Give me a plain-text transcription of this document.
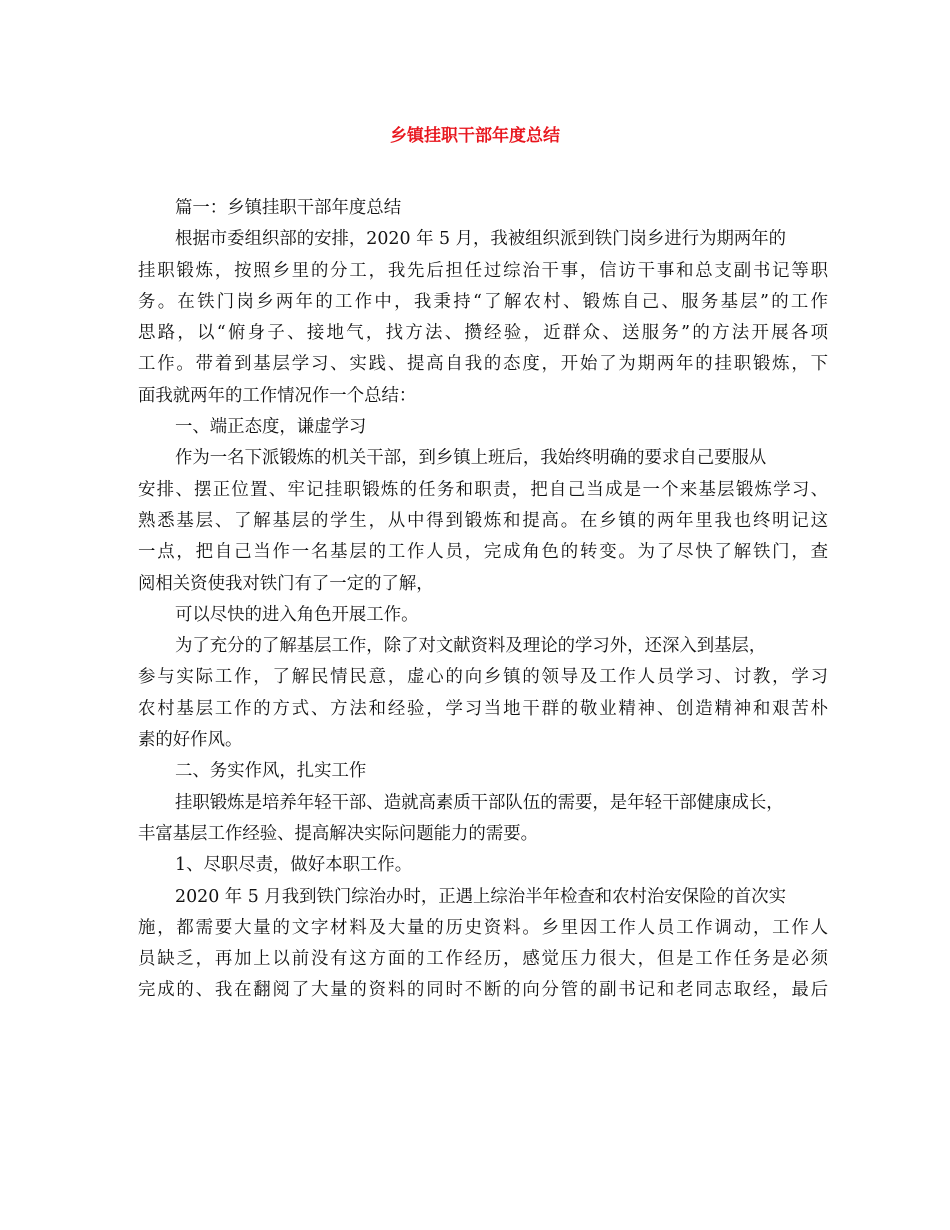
乡镇挂职干部年度总结
篇一：乡镇挂职干部年度总结
根据市委组织部的安排，2020 年 5 月，我被组织派到铁门岗乡进行为期两年的
挂职锻炼，按照乡里的分工，我先后担任过综治干事，信访干事和总支副书记等职
务。在铁门岗乡两年的工作中，我秉持“了解农村、锻炼自己、服务基层”的工作
思路，以“俯身子、接地气，找方法、攒经验，近群众、送服务”的方法开展各项
工作。带着到基层学习、实践、提高自我的态度，开始了为期两年的挂职锻炼，下
面我就两年的工作情况作一个总结：
一、端正态度，谦虚学习
作为一名下派锻炼的机关干部，到乡镇上班后，我始终明确的要求自己要服从
安排、摆正位置、牢记挂职锻炼的任务和职责，把自己当成是一个来基层锻炼学习、
熟悉基层、了解基层的学生，从中得到锻炼和提高。在乡镇的两年里我也终明记这
一点，把自己当作一名基层的工作人员，完成角色的转变。为了尽快了解铁门，查
阅相关资使我对铁门有了一定的了解，
可以尽快的进入角色开展工作。
为了充分的了解基层工作，除了对文献资料及理论的学习外，还深入到基层，
参与实际工作，了解民情民意，虚心的向乡镇的领导及工作人员学习、讨教，学习
农村基层工作的方式、方法和经验，学习当地干群的敬业精神、创造精神和艰苦朴
素的好作风。
二、务实作风，扎实工作
挂职锻炼是培养年轻干部、造就高素质干部队伍的需要，是年轻干部健康成长，
丰富基层工作经验、提高解决实际问题能力的需要。
1、尽职尽责，做好本职工作。
2020 年 5 月我到铁门综治办时，正遇上综治半年检查和农村治安保险的首次实
施，都需要大量的文字材料及大量的历史资料。乡里因工作人员工作调动，工作人
员缺乏，再加上以前没有这方面的工作经历，感觉压力很大，但是工作任务是必须
完成的、我在翻阅了大量的资料的同时不断的向分管的副书记和老同志取经，最后
